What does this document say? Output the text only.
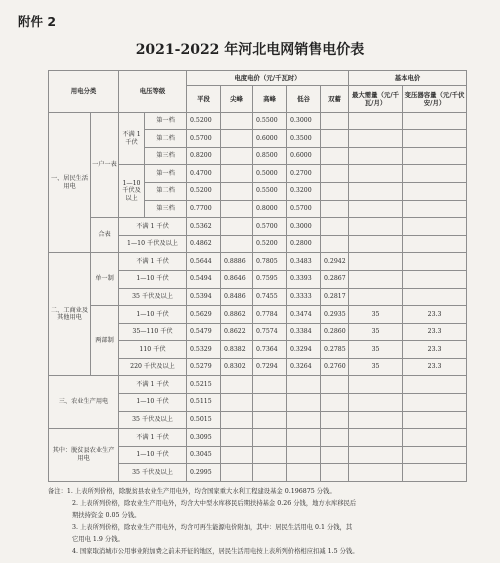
附件 2
2021-2022 年河北电网销售电价表
用电分类		电压等级		电度电价（元/千瓦时）					基本电价	
				平段	尖峰	高峰	低谷	双蓄	最大需量（元/千瓦/月）	变压器容量（元/千伏安/月）
一、居民生活用电	一户一表	不满 1 千伏	第一档	0.5200		0.5500	0.3000			
			第二档	0.5700		0.6000	0.3500			
			第三档	0.8200		0.8500	0.6000			
		1—10 千伏及以上	第一档	0.4700		0.5000	0.2700			
			第二档	0.5200		0.5500	0.3200			
			第三档	0.7700		0.8000	0.5700			
	合表	不满 1 千伏		0.5362		0.5700	0.3000			
		1—10 千伏及以上		0.4862		0.5200	0.2800			
二、工商业及其他用电	单一制	不满 1 千伏		0.5644	0.8886	0.7805	0.3483	0.2942		
		1—10 千伏		0.5494	0.8646	0.7595	0.3393	0.2867		
		35 千伏及以上		0.5394	0.8486	0.7455	0.3333	0.2817		
	两部制	1—10 千伏		0.5629	0.8862	0.7784	0.3474	0.2935	35	23.3
		35—110 千伏		0.5479	0.8622	0.7574	0.3384	0.2860	35	23.3
		110 千伏		0.5329	0.8382	0.7364	0.3294	0.2785	35	23.3
		220 千伏及以上		0.5279	0.8302	0.7294	0.3264	0.2760	35	23.3
三、农业生产用电		不满 1 千伏		0.5215						
		1—10 千伏		0.5115						
		35 千伏及以上		0.5015						
其中：脱贫县农业生产用电		不满 1 千伏		0.3095						
		1—10 千伏		0.3045						
		35 千伏及以上		0.2995						
备注：1. 上表所列价格，除脱贫县农业生产用电外，均含国家重大水利工程建设基金 0.196875 分钱。
2. 上表所列价格，除农业生产用电外，均含大中型水库移民后期扶持基金 0.26 分钱，地方水库移民后
期扶持资金 0.05 分钱。
3. 上表所列价格，除农业生产用电外，均含可再生能源电价附加，其中：居民生活用电 0.1 分钱，其
它用电 1.9 分钱。
4. 国家取消城市公用事业附加费之前未开征的地区，居民生活用电按上表所列价格相应扣减 1.5 分钱。
